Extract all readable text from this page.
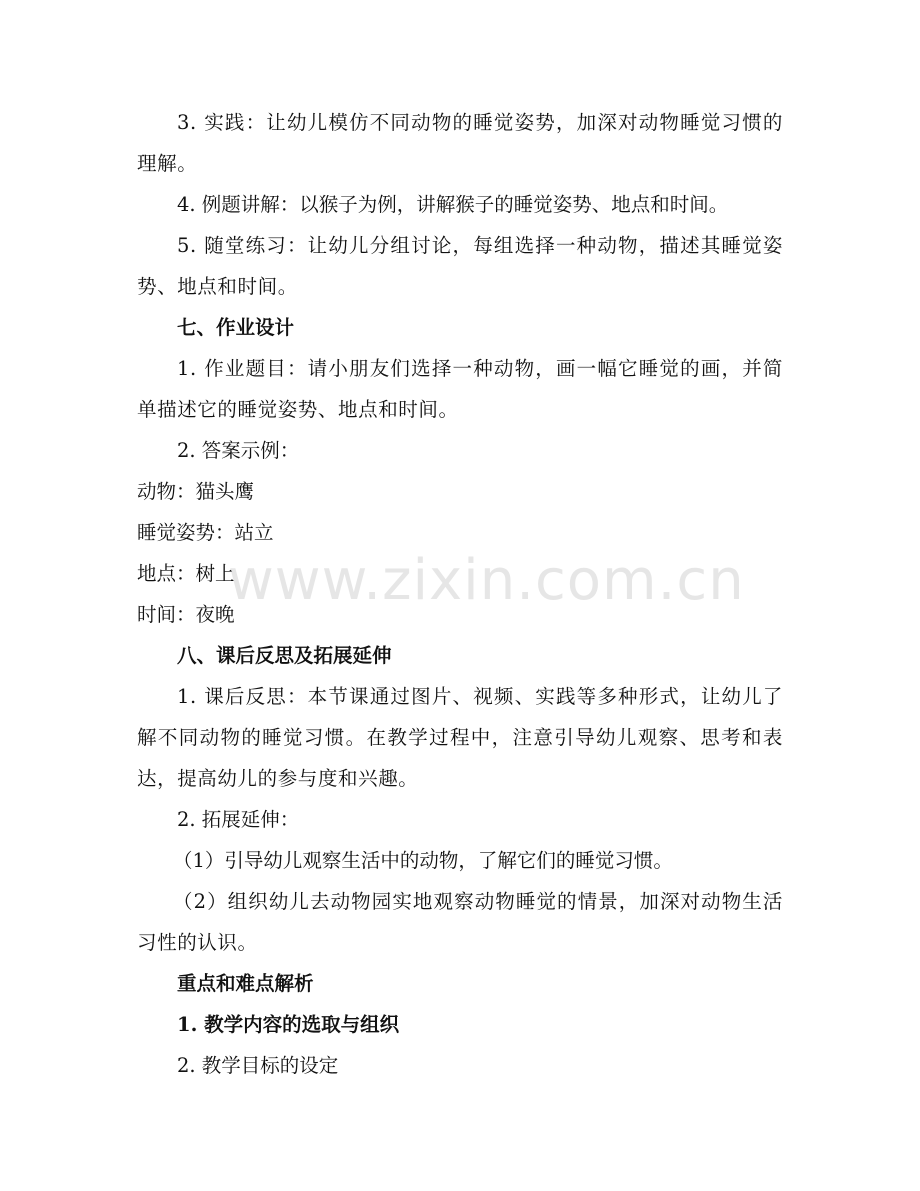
3. 实践：让幼儿模仿不同动物的睡觉姿势，加深对动物睡觉习惯的理解。

4. 例题讲解：以猴子为例，讲解猴子的睡觉姿势、地点和时间。

5. 随堂练习：让幼儿分组讨论，每组选择一种动物，描述其睡觉姿势、地点和时间。

七、作业设计

1. 作业题目：请小朋友们选择一种动物，画一幅它睡觉的画，并简单描述它的睡觉姿势、地点和时间。

2. 答案示例：

动物：猫头鹰

睡觉姿势：站立

地点：树上

时间：夜晚

八、课后反思及拓展延伸

1. 课后反思：本节课通过图片、视频、实践等多种形式，让幼儿了解不同动物的睡觉习惯。在教学过程中，注意引导幼儿观察、思考和表达，提高幼儿的参与度和兴趣。

2. 拓展延伸：

（1）引导幼儿观察生活中的动物，了解它们的睡觉习惯。

（2）组织幼儿去动物园实地观察动物睡觉的情景，加深对动物生活习性的认识。

重点和难点解析

1. 教学内容的选取与组织

2. 教学目标的设定

www.zixin.com.cn
